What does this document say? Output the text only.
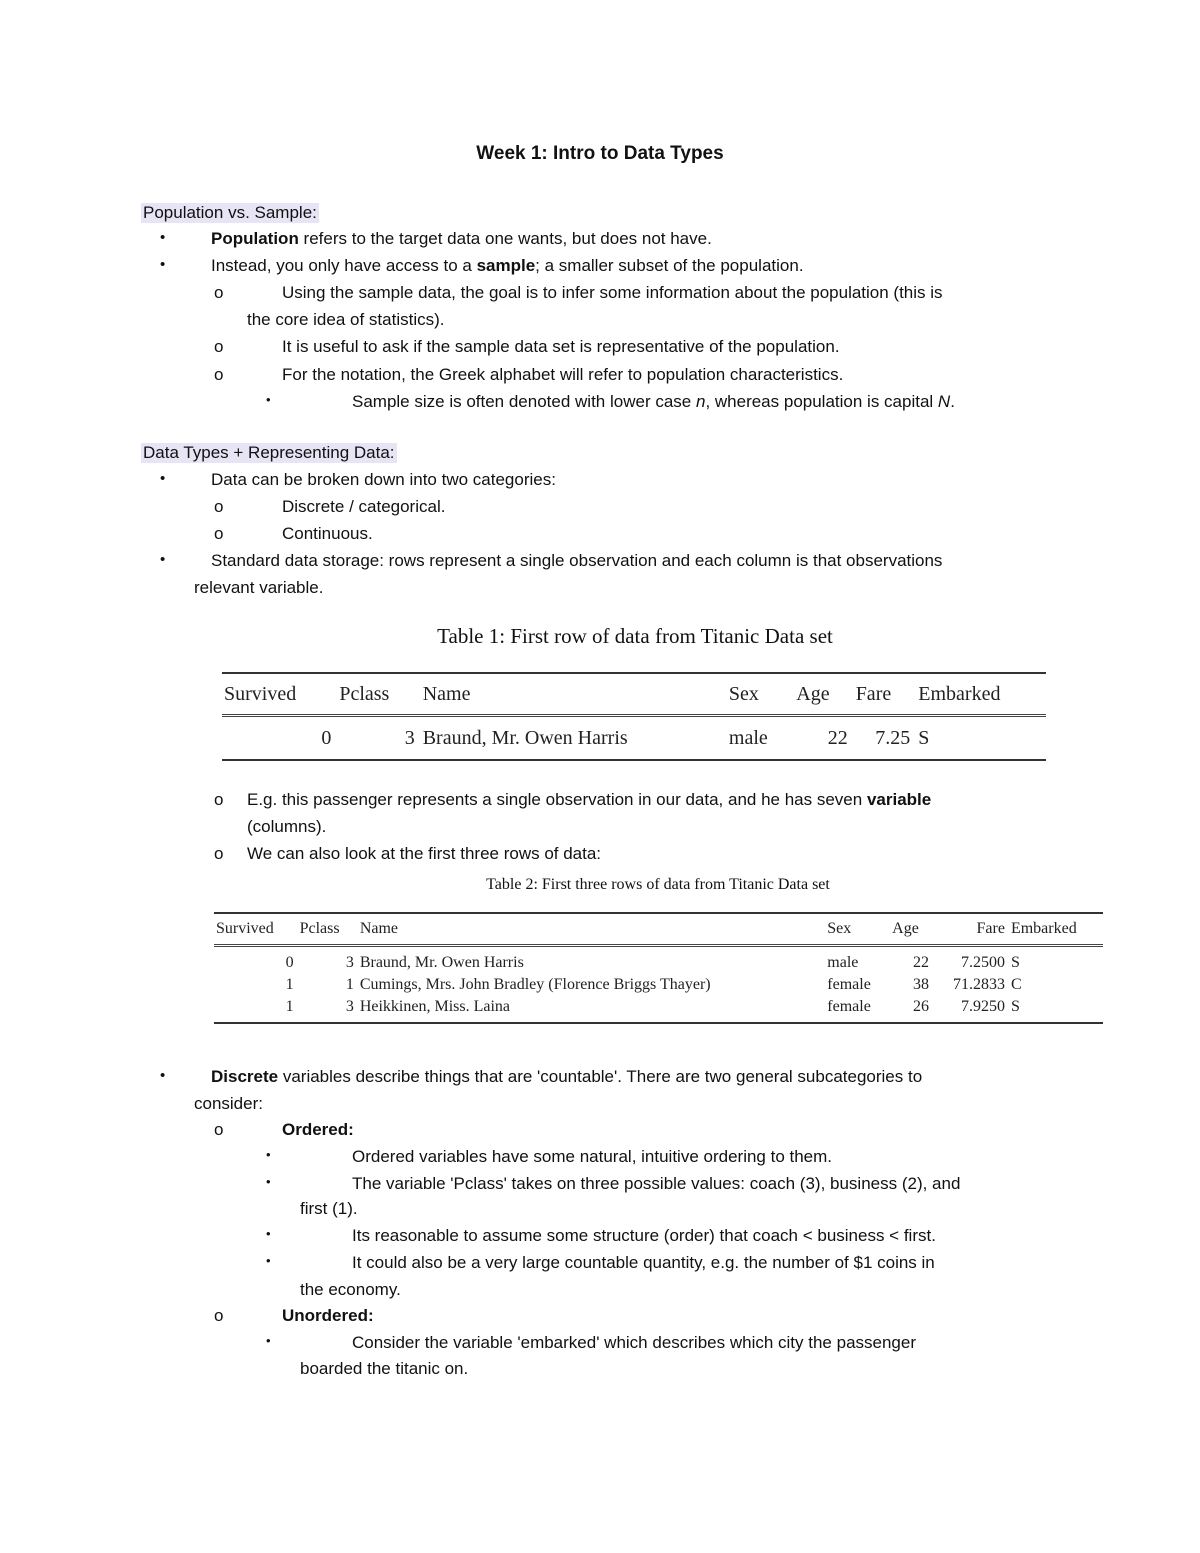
Week 1: Intro to Data Types
Population vs. Sample:
•	Population refers to the target data one wants, but does not have.
•	Instead, you only have access to a sample; a smaller subset of the population.
o	Using the sample data, the goal is to infer some information about the population (this is
the core idea of statistics).
o	It is useful to ask if the sample data set is representative of the population.
o	For the notation, the Greek alphabet will refer to population characteristics.
•	Sample size is often denoted with lower case n, whereas population is capital N.
Data Types + Representing Data:
•	Data can be broken down into two categories:
o	Discrete / categorical.
o	Continuous.
•	Standard data storage: rows represent a single observation and each column is that observations
relevant variable.
Table 1: First row of data from Titanic Data set
Survived	Pclass	Name	Sex	Age	Fare	Embarked
0	3	Braund, Mr. Owen Harris	male	22	7.25	S
o E.g. this passenger represents a single observation in our data, and he has seven variable
(columns).
o We can also look at the first three rows of data:
Table 2: First three rows of data from Titanic Data set
Survived	Pclass	Name	Sex	Age	Fare	Embarked
0	3	Braund, Mr. Owen Harris	male	22	7.2500	S
1	1	Cumings, Mrs. John Bradley (Florence Briggs Thayer)	female	38	71.2833	C
1	3	Heikkinen, Miss. Laina	female	26	7.9250	S
•	Discrete variables describe things that are 'countable'. There are two general subcategories to
consider:
o	Ordered:
•	Ordered variables have some natural, intuitive ordering to them.
•	The variable 'Pclass' takes on three possible values: coach (3), business (2), and
first (1).
•	Its reasonable to assume some structure (order) that coach < business < first.
•	It could also be a very large countable quantity, e.g. the number of $1 coins in
the economy.
o	Unordered:
•	Consider the variable 'embarked' which describes which city the passenger
boarded the titanic on.
